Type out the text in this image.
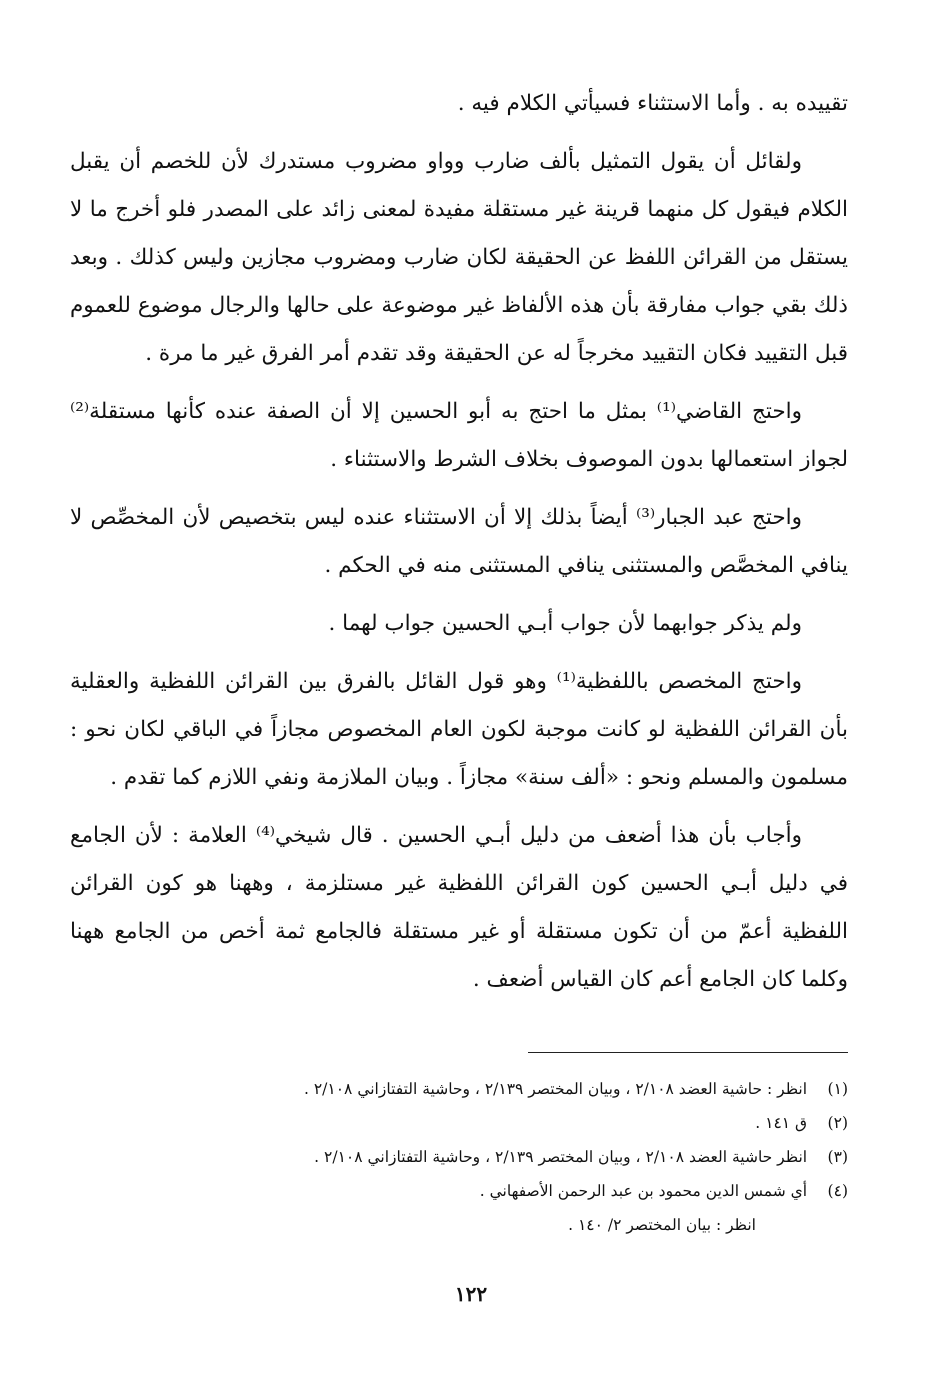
تقييده به . وأما الاستثناء فسيأتي الكلام فيه .

ولقائل أن يقول التمثيل بألف ضارب وواو مضروب مستدرك لأن للخصم أن يقبل الكلام فيقول كل منهما قرينة غير مستقلة مفيدة لمعنى زائد على المصدر فلو أخرج ما لا يستقل من القرائن اللفظ عن الحقيقة لكان ضارب ومضروب مجازين وليس كذلك . وبعد ذلك بقي جواب مفارقة بأن هذه الألفاظ غير موضوعة على حالها والرجال موضوع للعموم قبل التقييد فكان التقييد مخرجاً له عن الحقيقة وقد تقدم أمر الفرق غير ما مرة .

واحتج القاضي⁽¹⁾ بمثل ما احتج به أبو الحسين إلا أن الصفة عنده كأنها مستقلة⁽²⁾ لجواز استعمالها بدون الموصوف بخلاف الشرط والاستثناء .

واحتج عبد الجبار⁽³⁾ أيضاً بذلك إلا أن الاستثناء عنده ليس بتخصيص لأن المخصِّص لا ينافي المخصَّص والمستثنى ينافي المستثنى منه في الحكم .

ولم يذكر جوابهما لأن جواب أبـي الحسين جواب لهما .

واحتج المخصص باللفظية⁽¹⁾ وهو قول القائل بالفرق بين القرائن اللفظية والعقلية بأن القرائن اللفظية لو كانت موجبة لكون العام المخصوص مجازاً في الباقي لكان نحو : مسلمون والمسلم ونحو : «ألف سنة» مجازاً . وبيان الملازمة ونفي اللازم كما تقدم .

وأجاب بأن هذا أضعف من دليل أبـي الحسين . قال شيخي⁽⁴⁾ العلامة : لأن الجامع في دليل أبـي الحسين كون القرائن اللفظية غير مستلزمة ، وههنا هو كون القرائن اللفظية أعمّ من أن تكون مستقلة أو غير مستقلة فالجامع ثمة أخص من الجامع ههنا وكلما كان الجامع أعم كان القياس أضعف .

(١) انظر : حاشية العضد ٢/١٠٨ ، وبيان المختصر ٢/١٣٩ ، وحاشية التفتازاني ٢/١٠٨ .

(٢) ق ١٤١ .

(٣) انظر حاشية العضد ٢/١٠٨ ، وبيان المختصر ٢/١٣٩ ، وحاشية التفتازاني ٢/١٠٨ .

(٤) أي شمس الدين محمود بن عبد الرحمن الأصفهاني .

انظر : بيان المختصر ٢/ ١٤٠ .

١٢٢
